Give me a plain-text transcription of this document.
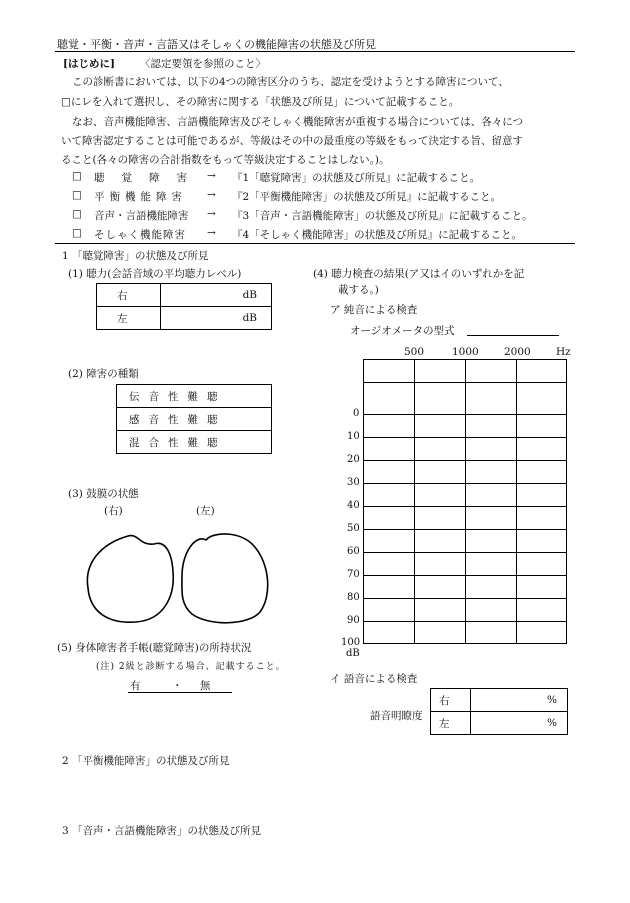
聴覚・平衡・音声・言語又はそしゃくの機能障害の状態及び所見
[はじめに] 〈認定要領を参照のこと〉
この診断書においては、以下の4つの障害区分のうち、認定を受けようとする障害について、
□にレを入れて選択し、その障害に関する「状態及び所見」について記載すること。
なお、音声機能障害、言語機能障害及びそしゃく機能障害が重複する場合については、各々につ
いて障害認定することは可能であるが、等級はその中の最重度の等級をもって決定する旨、留意す
ること(各々の障害の合計指数をもって等級決定することはしない。)。
□ 聴覚障害 → 『1「聴覚障害」の状態及び所見』に記載すること。
□ 平衡機能障害 → 『2「平衡機能障害」の状態及び所見』に記載すること。
□ 音声・言語機能障害 → 『3「音声・言語機能障害」の状態及び所見』に記載すること。
□ そしゃく機能障害 → 『4「そしゃく機能障害」の状態及び所見』に記載すること。
1 「聴覚障害」の状態及び所見
(1) 聴力(会話音域の平均聴力レベル)
右	dB
左	dB
(2) 障害の種類
伝音性難聴
感音性難聴
混合性難聴
(3) 鼓膜の状態
(右)	(左)
(5) 身体障害者手帳(聴覚障害)の所持状況
(注) 2級と診断する場合、記載すること。
有	・ 無
(4) 聴力検査の結果(ア又はイのいずれかを記
載する。)
ア 純音による検査
オージオメータの型式
500	1000 2000 Hz
0
10
20
30
40
50
60
70
80
90
100
dB
イ 語音による検査
語音明瞭度
右	%
左	%
2 「平衡機能障害」の状態及び所見
3 「音声・言語機能障害」の状態及び所見
